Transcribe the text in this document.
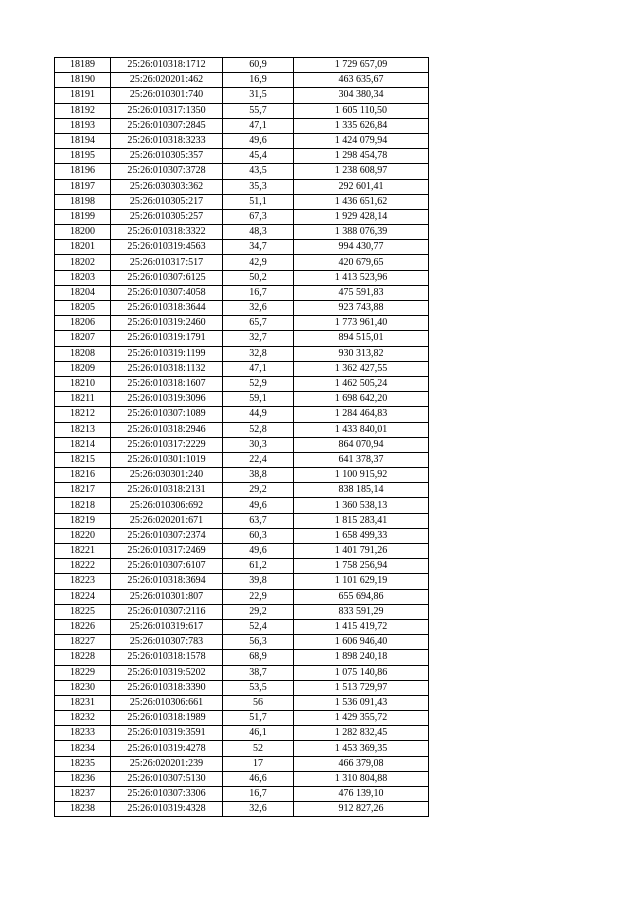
18189	25:26:010318:1712	60,9	1 729 657,09
18190	25:26:020201:462	16,9	463 635,67
18191	25:26:010301:740	31,5	304 380,34
18192	25:26:010317:1350	55,7	1 605 110,50
18193	25:26:010307:2845	47,1	1 335 626,84
18194	25:26:010318:3233	49,6	1 424 079,94
18195	25:26:010305:357	45,4	1 298 454,78
18196	25:26:010307:3728	43,5	1 238 608,97
18197	25:26:030303:362	35,3	292 601,41
18198	25:26:010305:217	51,1	1 436 651,62
18199	25:26:010305:257	67,3	1 929 428,14
18200	25:26:010318:3322	48,3	1 388 076,39
18201	25:26:010319:4563	34,7	994 430,77
18202	25:26:010317:517	42,9	420 679,65
18203	25:26:010307:6125	50,2	1 413 523,96
18204	25:26:010307:4058	16,7	475 591,83
18205	25:26:010318:3644	32,6	923 743,88
18206	25:26:010319:2460	65,7	1 773 961,40
18207	25:26:010319:1791	32,7	894 515,01
18208	25:26:010319:1199	32,8	930 313,82
18209	25:26:010318:1132	47,1	1 362 427,55
18210	25:26:010318:1607	52,9	1 462 505,24
18211	25:26:010319:3096	59,1	1 698 642,20
18212	25:26:010307:1089	44,9	1 284 464,83
18213	25:26:010318:2946	52,8	1 433 840,01
18214	25:26:010317:2229	30,3	864 070,94
18215	25:26:010301:1019	22,4	641 378,37
18216	25:26:030301:240	38,8	1 100 915,92
18217	25:26:010318:2131	29,2	838 185,14
18218	25:26:010306:692	49,6	1 360 538,13
18219	25:26:020201:671	63,7	1 815 283,41
18220	25:26:010307:2374	60,3	1 658 499,33
18221	25:26:010317:2469	49,6	1 401 791,26
18222	25:26:010307:6107	61,2	1 758 256,94
18223	25:26:010318:3694	39,8	1 101 629,19
18224	25:26:010301:807	22,9	655 694,86
18225	25:26:010307:2116	29,2	833 591,29
18226	25:26:010319:617	52,4	1 415 419,72
18227	25:26:010307:783	56,3	1 606 946,40
18228	25:26:010318:1578	68,9	1 898 240,18
18229	25:26:010319:5202	38,7	1 075 140,86
18230	25:26:010318:3390	53,5	1 513 729,97
18231	25:26:010306:661	56	1 536 091,43
18232	25:26:010318:1989	51,7	1 429 355,72
18233	25:26:010319:3591	46,1	1 282 832,45
18234	25:26:010319:4278	52	1 453 369,35
18235	25:26:020201:239	17	466 379,08
18236	25:26:010307:5130	46,6	1 310 804,88
18237	25:26:010307:3306	16,7	476 139,10
18238	25:26:010319:4328	32,6	912 827,26
